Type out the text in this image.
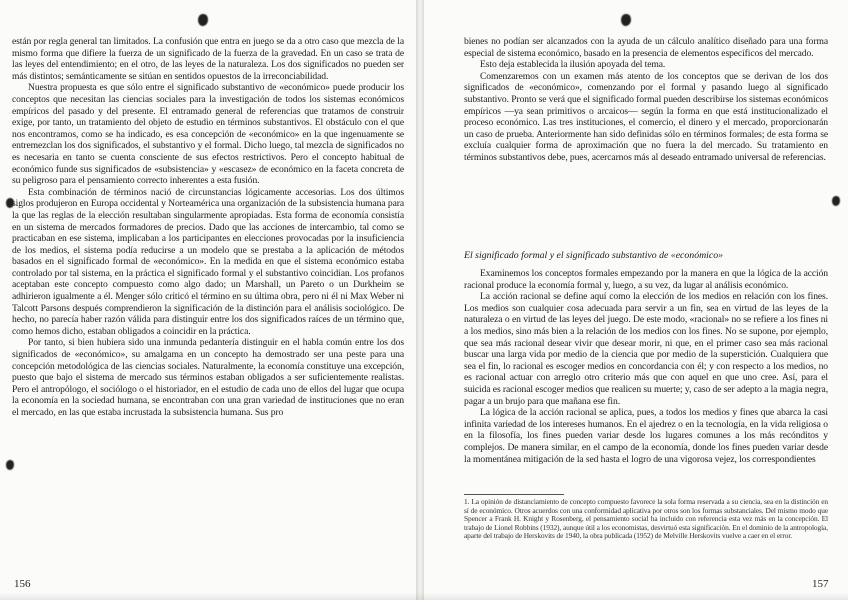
están por regla general tan limitados. La confusión que entra en juego se da a otro caso que mezcla de la mismo forma que difiere la fuerza de un significado de la fuerza de la gravedad. En un caso se trata de las leyes del entendimiento; en el otro, de las leyes de la naturaleza. Los dos significados no pueden ser más distintos; semánticamente se sitúan en sentidos opuestos de la irreconciabilidad.

Nuestra propuesta es que sólo entre el significado substantivo de «económico» puede producir los conceptos que necesitan las ciencias sociales para la investigación de todos los sistemas económicos empíricos del pasado y del presente. El entramado general de referencias que tratamos de construir exige, por tanto, un tratamiento del objeto de estudio en términos substantivos. El obstáculo con el que nos encontramos, como se ha indicado, es esa concepción de «económico» en la que ingenuamente se entremezclan los dos significados, el substantivo y el formal. Dicho luego, tal mezcla de significados no es necesaria en tanto se cuenta consciente de sus efectos restrictivos. Pero el concepto habitual de económico funde sus significados de «subsistencia» y «escasez» de económico en la faceta concreta de su peligroso para el pensamiento correcto inherentes a esta fusión.

Esta combinación de términos nació de circunstancias lógicamente accesorias. Los dos últimos siglos produjeron en Europa occidental y Norteamérica una organización de la subsistencia humana para la que las reglas de la elección resultaban singularmente apropiadas. Esta forma de economía consistía en un sistema de mercados formadores de precios. Dado que las acciones de intercambio, tal como se practicaban en ese sistema, implicaban a los participantes en elecciones provocadas por la insuficiencia de los medios, el sistema podía reducirse a un modelo que se prestaba a la aplicación de métodos basados en el significado formal de «económico». En la medida en que el sistema económico estaba controlado por tal sistema, en la práctica el significado formal y el substantivo coincidían. Los profanos aceptaban este concepto compuesto como algo dado; un Marshall, un Pareto o un Durkheim se adhirieron igualmente a él. Menger sólo criticó el término en su última obra, pero ni él ni Max Weber ni Talcott Parsons después comprendieron la significación de la distinción para el análisis sociológico. De hecho, no parecía haber razón válida para distinguir entre los dos significados raíces de un término que, como hemos dicho, estaban obligados a coincidir en la práctica.

Por tanto, si bien hubiera sido una inmunda pedantería distinguir en el habla común entre los dos significados de «económico», su amalgama en un concepto ha demostrado ser una peste para una concepción metodológica de las ciencias sociales. Naturalmente, la economía constituye una excepción, puesto que bajo el sistema de mercado sus términos estaban obligados a ser suficientemente realistas. Pero el antropólogo, el sociólogo o el historiador, en el estudio de cada uno de ellos del lugar que ocupa la economía en la sociedad humana, se encontraban con una gran variedad de instituciones que no eran el mercado, en las que estaba incrustada la subsistencia humana. Sus pro

156

bienes no podían ser alcanzados con la ayuda de un cálculo analítico diseñado para una forma especial de sistema económico, basado en la presencia de elementos específicos del mercado.

Esto deja establecida la ilusión apoyada del tema.

Comenzaremos con un examen más atento de los conceptos que se derivan de los dos significados de «económico», comenzando por el formal y pasando luego al significado substantivo. Pronto se verá que el significado formal pueden describirse los sistemas económicos empíricos —ya sean primitivos o arcaicos— según la forma en que está institucionalizado el proceso económico. Las tres instituciones, el comercio, el dinero y el mercado, proporcionarán un caso de prueba. Anteriormente han sido definidas sólo en términos formales; de esta forma se excluía cualquier forma de aproximación que no fuera la del mercado. Su tratamiento en términos substantivos debe, pues, acercarnos más al deseado entramado universal de referencias.

El significado formal y el significado substantivo de «económico»

Examinemos los conceptos formales empezando por la manera en que la lógica de la acción racional produce la economía formal y, luego, a su vez, da lugar al análisis económico.

La acción racional se define aquí como la elección de los medios en relación con los fines. Los medios son cualquier cosa adecuada para servir a un fin, sea en virtud de las leyes de la naturaleza o en virtud de las leyes del juego. De este modo, «racional» no se refiere a los fines ni a los medios, sino más bien a la relación de los medios con los fines. No se supone, por ejemplo, que sea más racional desear vivir que desear morir, ni que, en el primer caso sea más racional buscar una larga vida por medio de la ciencia que por medio de la superstición. Cualquiera que sea el fin, lo racional es escoger medios en concordancia con él; y con respecto a los medios, no es racional actuar con arreglo otro criterio más que con aquel en que uno cree. Así, para el suicida es racional escoger medios que realicen su muerte; y, caso de ser adepto a la magia negra, pagar a un brujo para que mañana ese fin.

La lógica de la acción racional se aplica, pues, a todos los medios y fines que abarca la casi infinita variedad de los intereses humanos. En el ajedrez o en la tecnología, en la vida religiosa o en la filosofía, los fines pueden variar desde los lugares comunes a los más recónditos y complejos. De manera similar, en el campo de la economía, donde los fines pueden variar desde la momentánea mitigación de la sed hasta el logro de una vigorosa vejez, los correspondientes

1. La opinión de distanciamiento de concepto compuesto favorece la sola forma reservada a su ciencia, sea en la distinción en sí de económico. Otros acuerdos con una conformidad aplicativa por otros son los formas substanciales. Del mismo modo que Spencer a Frank H. Knight y Rosenberg, el pensamiento social ha incluido con referencia esta vez más en la concepción. El trabajo de Lionel Robbins (1932), aunque útil a los economistas, desvirtuó esta significación. En el dominio de la antropología, aparte del trabajo de Herskovits de 1940, la obra publicada (1952) de Melville Herskovits vuelve a caer en el error.
157
